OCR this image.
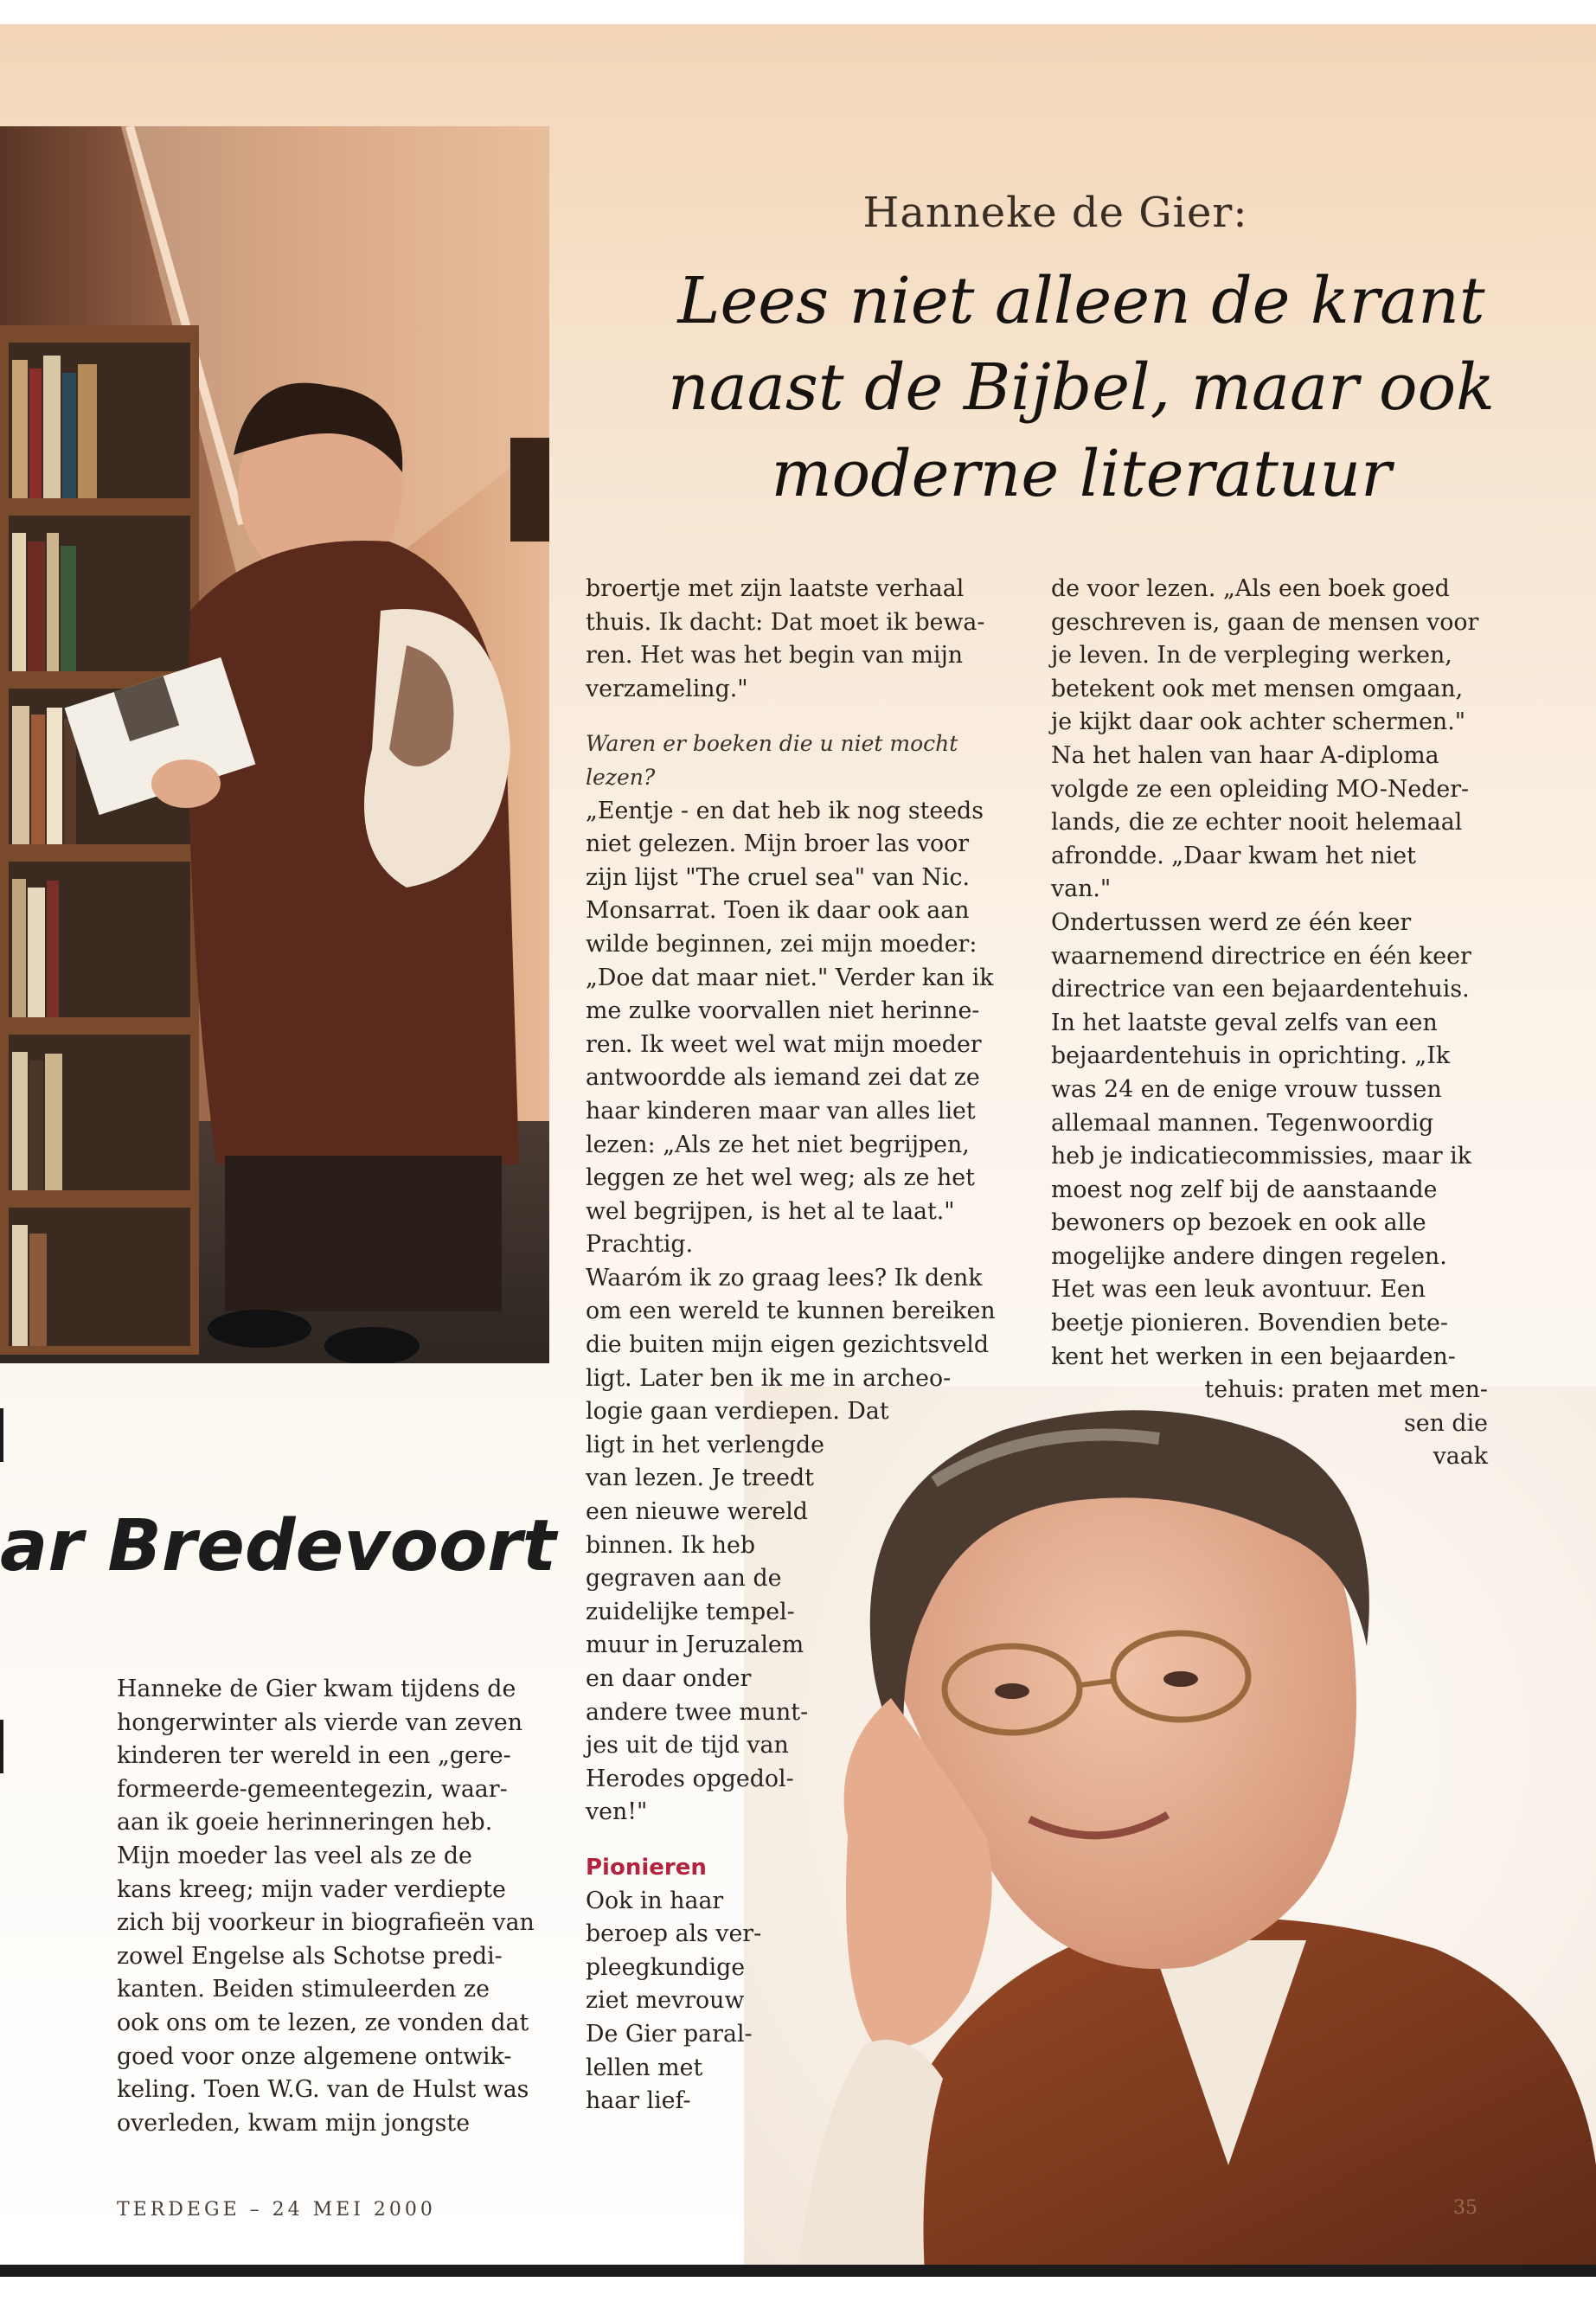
Hanneke de Gier:
Lees niet alleen de krant
naast de Bijbel, maar ook
moderne literatuur

broertje met zijn laatste verhaal

thuis. Ik dacht: Dat moet ik bewa-

ren. Het was het begin van mijn

verzameling."

Waren er boeken die u niet mocht

lezen?

„Eentje - en dat heb ik nog steeds

niet gelezen. Mijn broer las voor

zijn lijst "The cruel sea" van Nic.

Monsarrat. Toen ik daar ook aan

wilde beginnen, zei mijn moeder:

„Doe dat maar niet." Verder kan ik

me zulke voorvallen niet herinne-

ren. Ik weet wel wat mijn moeder

antwoordde als iemand zei dat ze

haar kinderen maar van alles liet

lezen: „Als ze het niet begrijpen,

leggen ze het wel weg; als ze het

wel begrijpen, is het al te laat."

Prachtig.

Waaróm ik zo graag lees? Ik denk

om een wereld te kunnen bereiken

die buiten mijn eigen gezichtsveld

ligt. Later ben ik me in archeo-

logie gaan verdiepen. Dat

ligt in het verlengde

van lezen. Je treedt

een nieuwe wereld

binnen. Ik heb

gegraven aan de

zuidelijke tempel-

muur in Jeruzalem

en daar onder

andere twee munt-

jes uit de tijd van

Herodes opgedol-

ven!"

Pionieren

Ook in haar

beroep als ver-

pleegkundige

ziet mevrouw

De Gier paral-

lellen met

haar lief-

de voor lezen. „Als een boek goed

geschreven is, gaan de mensen voor

je leven. In de verpleging werken,

betekent ook met mensen omgaan,

je kijkt daar ook achter schermen."

Na het halen van haar A-diploma

volgde ze een opleiding MO-Neder-

lands, die ze echter nooit helemaal

afrondde. „Daar kwam het niet

van."

Ondertussen werd ze één keer

waarnemend directrice en één keer

directrice van een bejaardentehuis.

In het laatste geval zelfs van een

bejaardentehuis in oprichting. „Ik

was 24 en de enige vrouw tussen

allemaal mannen. Tegenwoordig

heb je indicatiecommissies, maar ik

moest nog zelf bij de aanstaande

bewoners op bezoek en ook alle

mogelijke andere dingen regelen.

Het was een leuk avontuur. Een

beetje pionieren. Bovendien bete-

kent het werken in een bejaarden-

tehuis: praten met men-

sen die

vaak

ar Bredevoort

Hanneke de Gier kwam tijdens de

hongerwinter als vierde van zeven

kinderen ter wereld in een „gere-

formeerde-gemeentegezin, waar-

aan ik goeie herinneringen heb.

Mijn moeder las veel als ze de

kans kreeg; mijn vader verdiepte

zich bij voorkeur in biografieën van

zowel Engelse als Schotse predi-

kanten. Beiden stimuleerden ze

ook ons om te lezen, ze vonden dat

goed voor onze algemene ontwik-

keling. Toen W.G. van de Hulst was

overleden, kwam mijn jongste

TERDEGE – 24 MEI 2000	35
